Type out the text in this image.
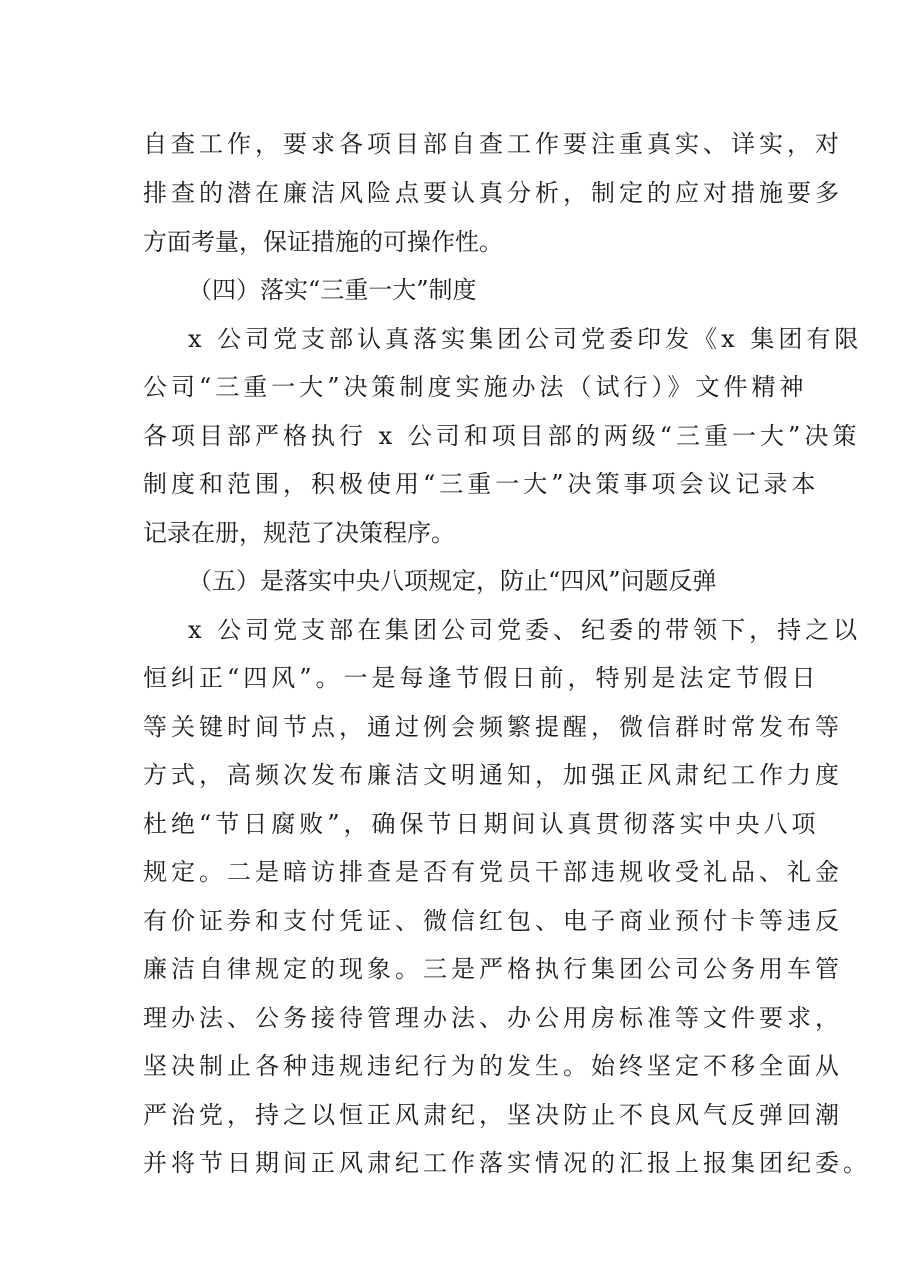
自查工作，要求各项目部自查工作要注重真实、详实，对
排查的潜在廉洁风险点要认真分析，制定的应对措施要多
方面考量，保证措施的可操作性。
（四）落实“三重一大”制度
x 公司党支部认真落实集团公司党委印发《x 集团有限
公司“三重一大”决策制度实施办法（试行）》文件精神
各项目部严格执行 x 公司和项目部的两级“三重一大”决策
制度和范围，积极使用“三重一大”决策事项会议记录本
记录在册，规范了决策程序。
（五）是落实中央八项规定，防止“四风”问题反弹
x 公司党支部在集团公司党委、纪委的带领下，持之以
恒纠正“四风”。一是每逢节假日前，特别是法定节假日
等关键时间节点，通过例会频繁提醒，微信群时常发布等
方式，高频次发布廉洁文明通知，加强正风肃纪工作力度
杜绝“节日腐败”，确保节日期间认真贯彻落实中央八项
规定。二是暗访排查是否有党员干部违规收受礼品、礼金
有价证券和支付凭证、微信红包、电子商业预付卡等违反
廉洁自律规定的现象。三是严格执行集团公司公务用车管
理办法、公务接待管理办法、办公用房标准等文件要求，
坚决制止各种违规违纪行为的发生。始终坚定不移全面从
严治党，持之以恒正风肃纪，坚决防止不良风气反弹回潮
并将节日期间正风肃纪工作落实情况的汇报上报集团纪委。
